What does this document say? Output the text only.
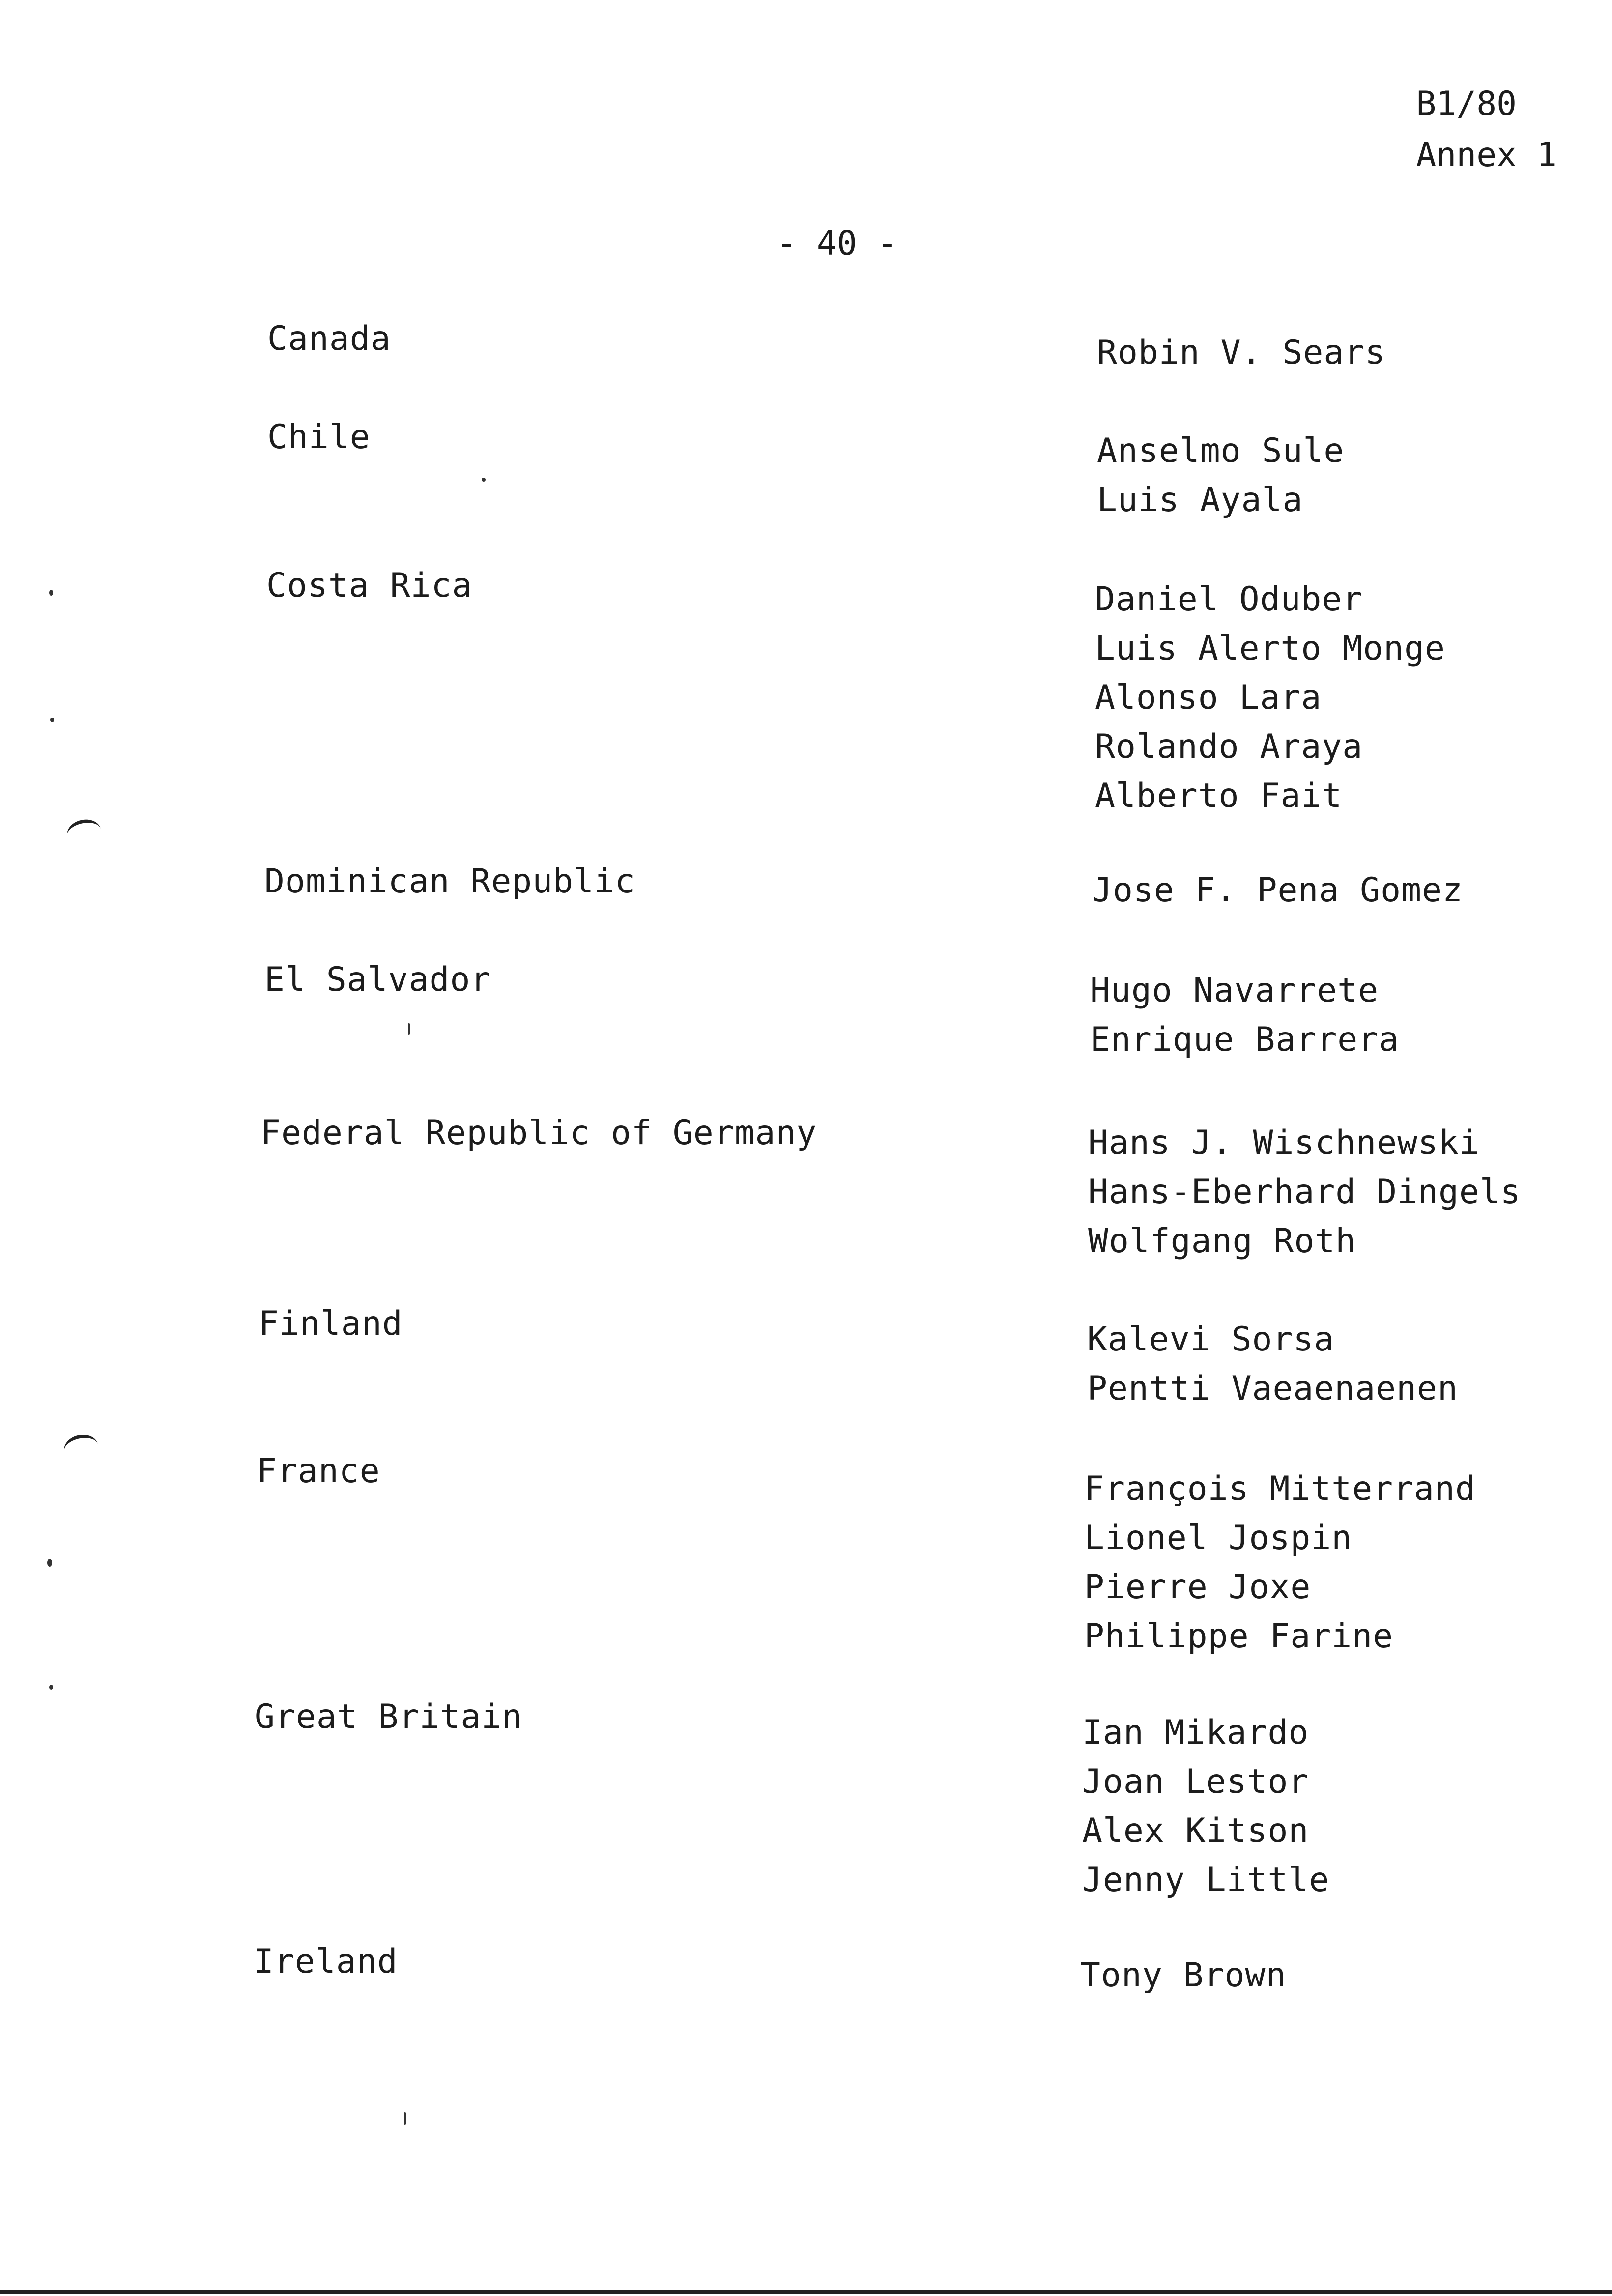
B1/80
Annex 1
- 40 -
Canada	Robin V. Sears
Chile	Anselmo Sule
Luis Ayala
Costa Rica	Daniel Oduber
Luis Alerto Monge
Alonso Lara
Rolando Araya
Alberto Fait
Dominican Republic	Jose F. Pena Gomez
El Salvador	Hugo Navarrete
Enrique Barrera
Federal Republic of Germany	Hans J. Wischnewski
Hans-Eberhard Dingels
Wolfgang Roth
Finland	Kalevi Sorsa
Pentti Vaeaenaenen
France	François Mitterrand
Lionel Jospin
Pierre Joxe
Philippe Farine
Great Britain	Ian Mikardo
Joan Lestor
Alex Kitson
Jenny Little
Ireland	Tony Brown
